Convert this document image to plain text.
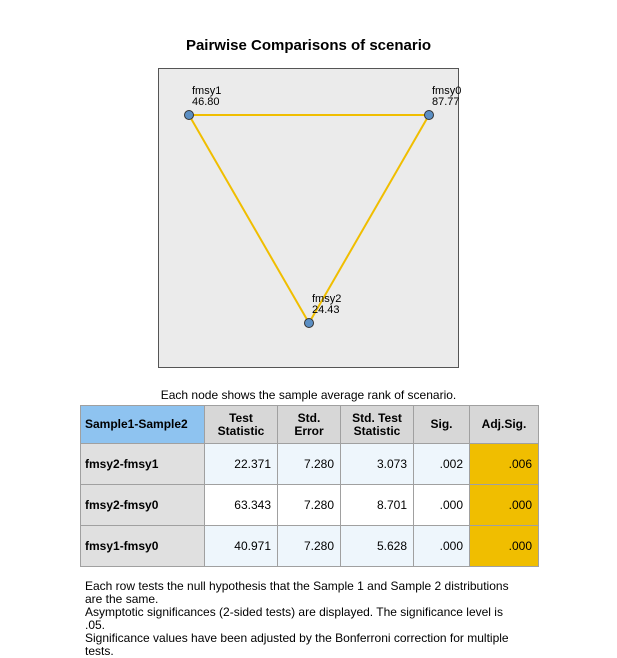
Pairwise Comparisons of scenario
fmsy1
46.80
fmsy0
87.77
fmsy2
24.43
Each node shows the sample average rank of scenario.
Sample1-Sample2	Test Statistic	Std. Error	Std. Test Statistic	Sig.	Adj.Sig.
fmsy2-fmsy1	22.371	7.280	3.073	.002	.006
fmsy2-fmsy0	63.343	7.280	8.701	.000	.000
fmsy1-fmsy0	40.971	7.280	5.628	.000	.000
Each row tests the null hypothesis that the Sample 1 and Sample 2 distributions are the same.
Asymptotic significances (2-sided tests) are displayed. The significance level is .05.
Significance values have been adjusted by the Bonferroni correction for multiple tests.
